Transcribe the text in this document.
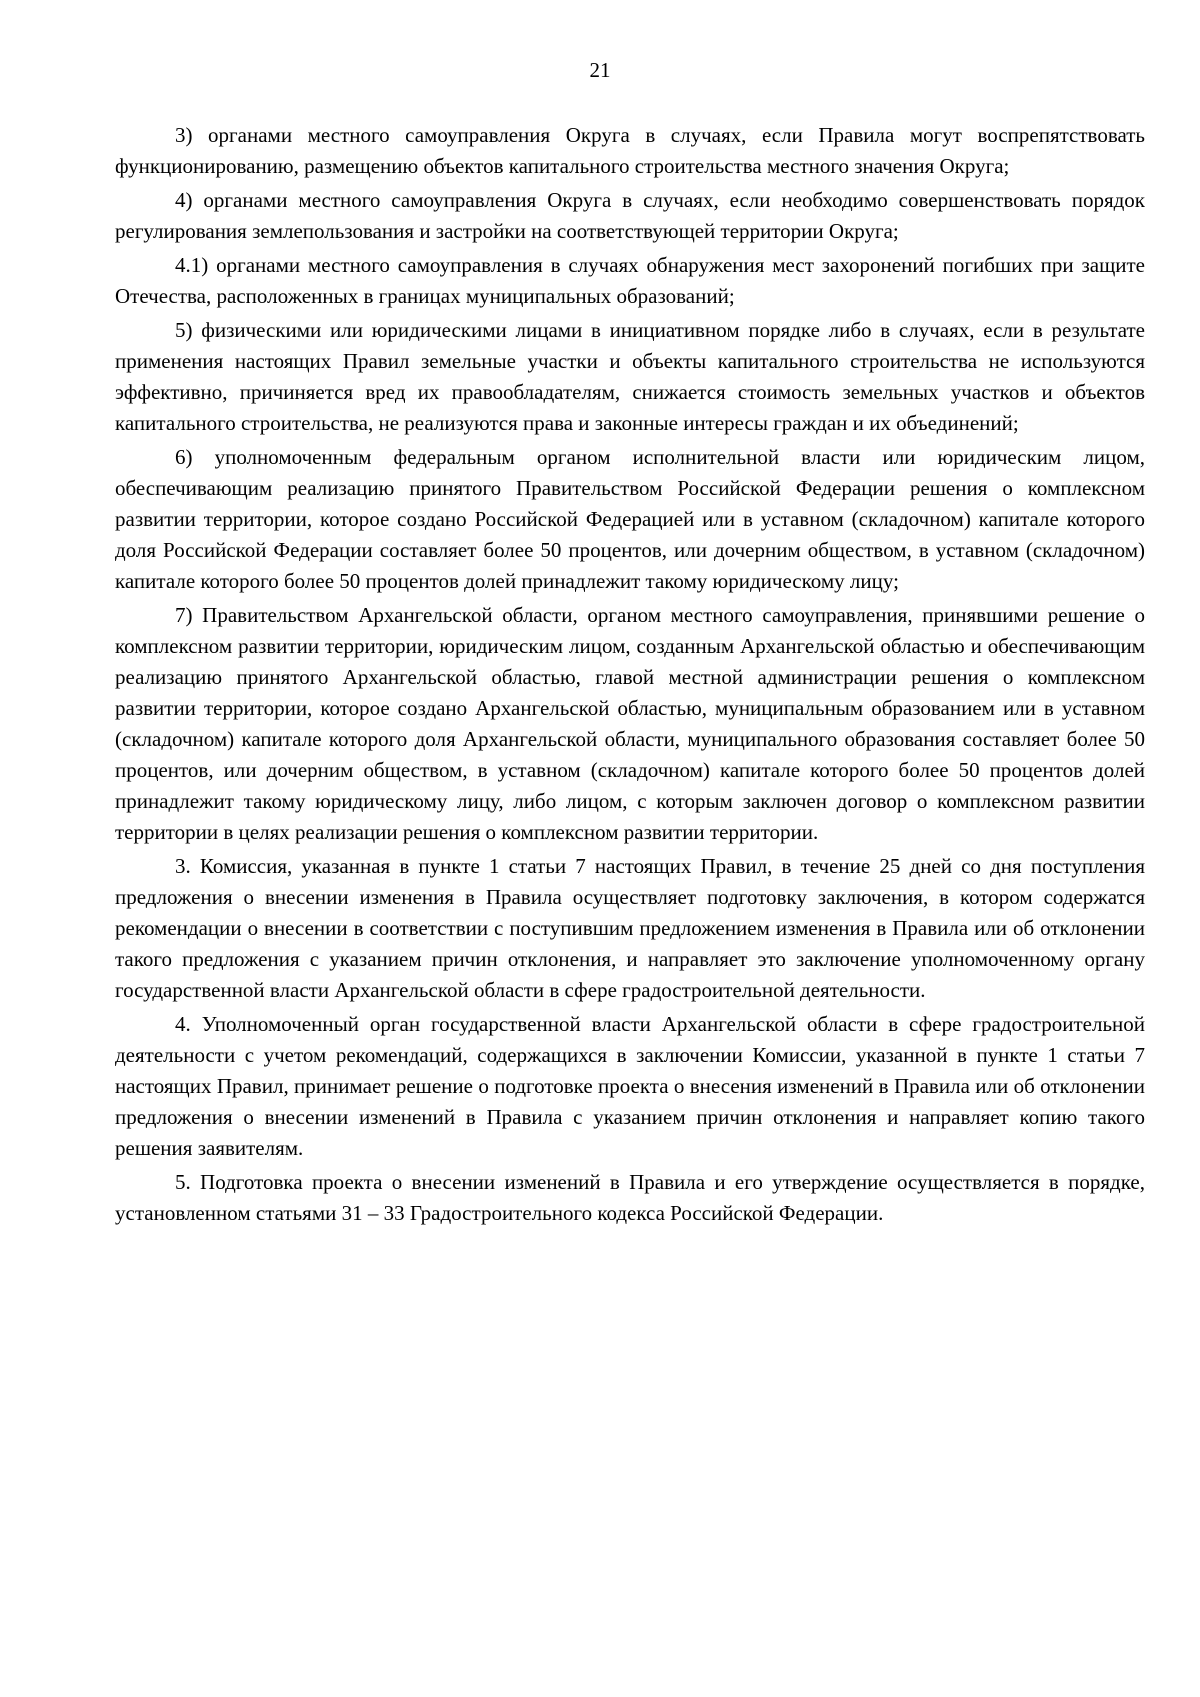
21

3) органами местного самоуправления Округа в случаях, если Правила могут воспрепятствовать функционированию, размещению объектов капитального строительства местного значения Округа;

4) органами местного самоуправления Округа в случаях, если необходимо совершенствовать порядок регулирования землепользования и застройки на соответствующей территории Округа;

4.1) органами местного самоуправления в случаях обнаружения мест захоронений погибших при защите Отечества, расположенных в границах муниципальных образований;

5) физическими или юридическими лицами в инициативном порядке либо в случаях, если в результате применения настоящих Правил земельные участки и объекты капитального строительства не используются эффективно, причиняется вред их правообладателям, снижается стоимость земельных участков и объектов капитального строительства, не реализуются права и законные интересы граждан и их объединений;

6) уполномоченным федеральным органом исполнительной власти или юридическим лицом, обеспечивающим реализацию принятого Правительством Российской Федерации решения о комплексном развитии территории, которое создано Российской Федерацией или в уставном (складочном) капитале которого доля Российской Федерации составляет более 50 процентов, или дочерним обществом, в уставном (складочном) капитале которого более 50 процентов долей принадлежит такому юридическому лицу;

7) Правительством Архангельской области, органом местного самоуправления, принявшими решение о комплексном развитии территории, юридическим лицом, созданным Архангельской областью и обеспечивающим реализацию принятого Архангельской областью, главой местной администрации решения о комплексном развитии территории, которое создано Архангельской областью, муниципальным образованием или в уставном (складочном) капитале которого доля Архангельской области, муниципального образования составляет более 50 процентов, или дочерним обществом, в уставном (складочном) капитале которого более 50 процентов долей принадлежит такому юридическому лицу, либо лицом, с которым заключен договор о комплексном развитии территории в целях реализации решения о комплексном развитии территории.

3. Комиссия, указанная в пункте 1 статьи 7 настоящих Правил, в течение 25 дней со дня поступления предложения о внесении изменения в Правила осуществляет подготовку заключения, в котором содержатся рекомендации о внесении в соответствии с поступившим предложением изменения в Правила или об отклонении такого предложения с указанием причин отклонения, и направляет это заключение уполномоченному органу государственной власти Архангельской области в сфере градостроительной деятельности.

4. Уполномоченный орган государственной власти Архангельской области в сфере градостроительной деятельности с учетом рекомендаций, содержащихся в заключении Комиссии, указанной в пункте 1 статьи 7 настоящих Правил, принимает решение о подготовке проекта о внесения изменений в Правила или об отклонении предложения о внесении изменений в Правила с указанием причин отклонения и направляет копию такого решения заявителям.

5. Подготовка проекта о внесении изменений в Правила и его утверждение осуществляется в порядке, установленном статьями 31 – 33 Градостроительного кодекса Российской Федерации.
